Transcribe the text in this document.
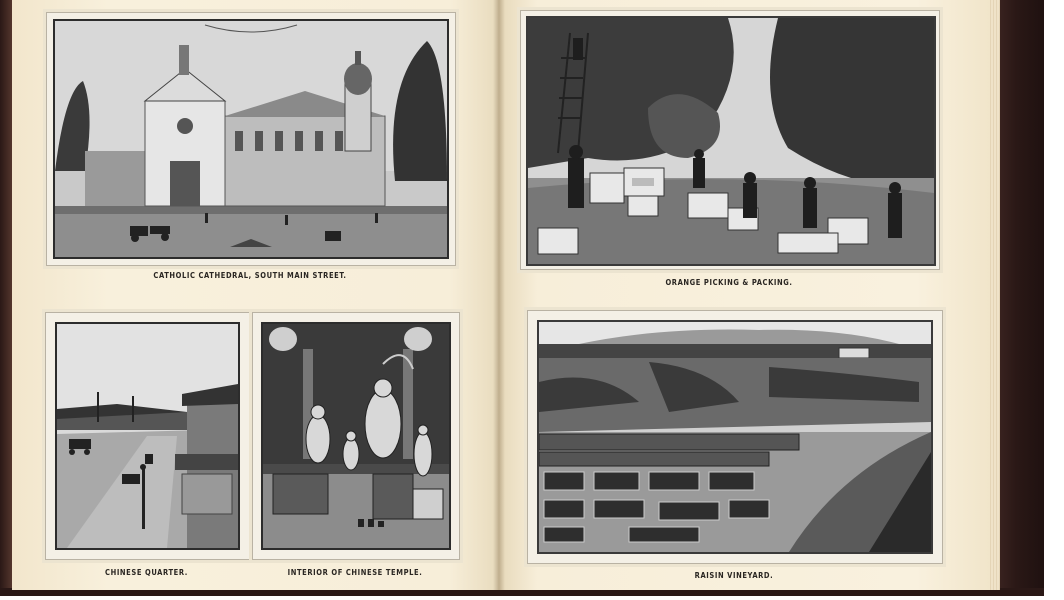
CATHOLIC CATHEDRAL, SOUTH MAIN STREET.
ORANGE PICKING & PACKING.
CHINESE QUARTER.	INTERIOR OF CHINESE TEMPLE.	RAISIN VINEYARD.
